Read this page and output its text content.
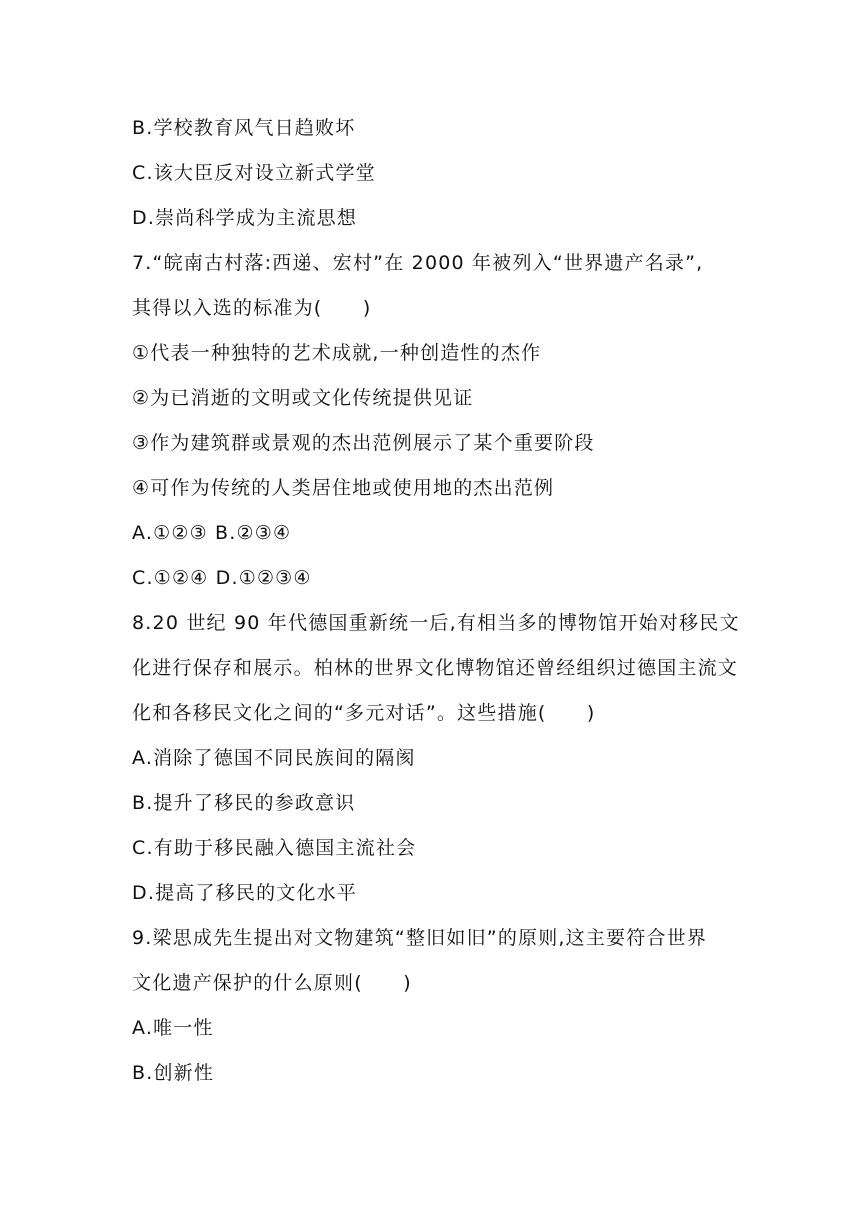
B.学校教育风气日趋败坏
C.该大臣反对设立新式学堂
D.崇尚科学成为主流思想
7.“皖南古村落:西递、宏村”在 2000 年被列入“世界遗产名录”,
其得以入选的标准为(　　)
①代表一种独特的艺术成就,一种创造性的杰作
②为已消逝的文明或文化传统提供见证
③作为建筑群或景观的杰出范例展示了某个重要阶段
④可作为传统的人类居住地或使用地的杰出范例
A.①②③ B.②③④
C.①②④ D.①②③④
8.20 世纪 90 年代德国重新统一后,有相当多的博物馆开始对移民文
化进行保存和展示。柏林的世界文化博物馆还曾经组织过德国主流文
化和各移民文化之间的“多元对话”。这些措施(　　)
A.消除了德国不同民族间的隔阂
B.提升了移民的参政意识
C.有助于移民融入德国主流社会
D.提高了移民的文化水平
9.梁思成先生提出对文物建筑“整旧如旧”的原则,这主要符合世界
文化遗产保护的什么原则(　　)
A.唯一性
B.创新性
